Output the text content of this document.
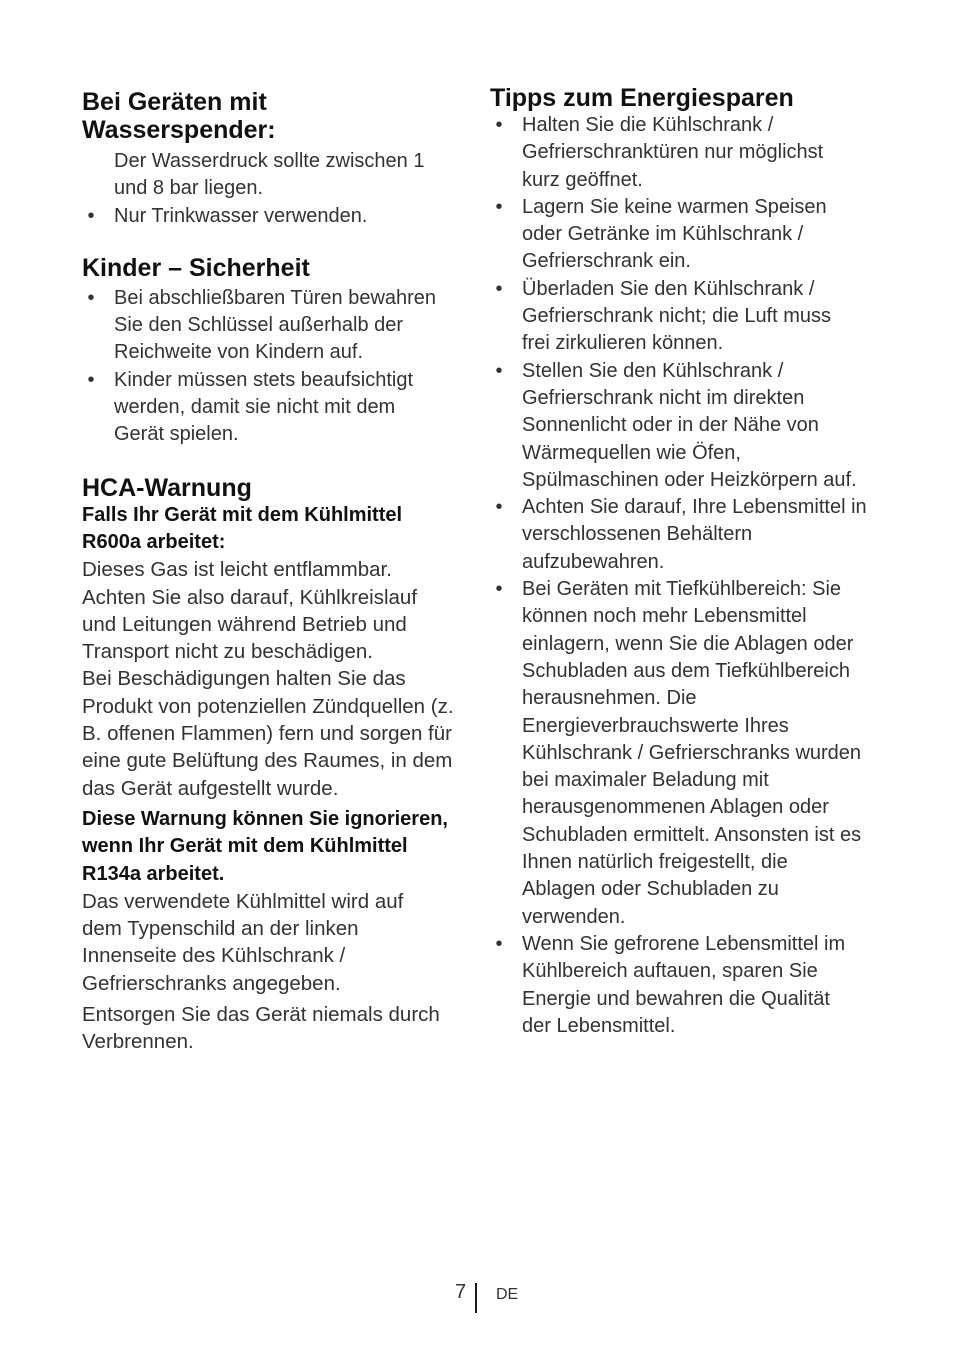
Bei Geräten mit
Wasserspender:

Der Wasserdruck sollte zwischen 1 und 8 bar liegen.

• Nur Trinkwasser verwenden.
Kinder – Sicherheit
• Bei abschließbaren Türen bewahren Sie den Schlüssel außerhalb der Reichweite von Kindern auf.
• Kinder müssen stets beaufsichtigt werden, damit sie nicht mit dem Gerät spielen.
HCA-Warnung

Falls Ihr Gerät mit dem Kühlmittel R600a arbeitet:

Dieses Gas ist leicht entflammbar. Achten Sie also darauf, Kühlkreislauf und Leitungen während Betrieb und Transport nicht zu beschädigen.

Bei Beschädigungen halten Sie das Produkt von potenziellen Zündquellen (z. B. offenen Flammen) fern und sorgen für eine gute Belüftung des Raumes, in dem das Gerät aufgestellt wurde.

Diese Warnung können Sie ignorieren, wenn Ihr Gerät mit dem Kühlmittel R134a arbeitet.

Das verwendete Kühlmittel wird auf dem Typenschild an der linken Innenseite des Kühlschrank / Gefrierschranks angegeben.

Entsorgen Sie das Gerät niemals durch Verbrennen.

Tipps zum Energiesparen
• Halten Sie die Kühlschrank / Gefrierschranktüren nur möglichst kurz geöffnet.
• Lagern Sie keine warmen Speisen oder Getränke im Kühlschrank / Gefrierschrank ein.
• Überladen Sie den Kühlschrank / Gefrierschrank nicht; die Luft muss frei zirkulieren können.
• Stellen Sie den Kühlschrank / Gefrierschrank nicht im direkten Sonnenlicht oder in der Nähe von Wärmequellen wie Öfen, Spülmaschinen oder Heizkörpern auf.
• Achten Sie darauf, Ihre Lebensmittel in verschlossenen Behältern aufzubewahren.
• Bei Geräten mit Tiefkühlbereich: Sie können noch mehr Lebensmittel einlagern, wenn Sie die Ablagen oder Schubladen aus dem Tiefkühlbereich herausnehmen. Die Energieverbrauchswerte Ihres Kühlschrank / Gefrierschranks wurden bei maximaler Beladung mit herausgenommenen Ablagen oder Schubladen ermittelt. Ansonsten ist es Ihnen natürlich freigestellt, die Ablagen oder Schubladen zu verwenden.
• Wenn Sie gefrorene Lebensmittel im Kühlbereich auftauen, sparen Sie Energie und bewahren die Qualität der Lebensmittel.
7 DE
